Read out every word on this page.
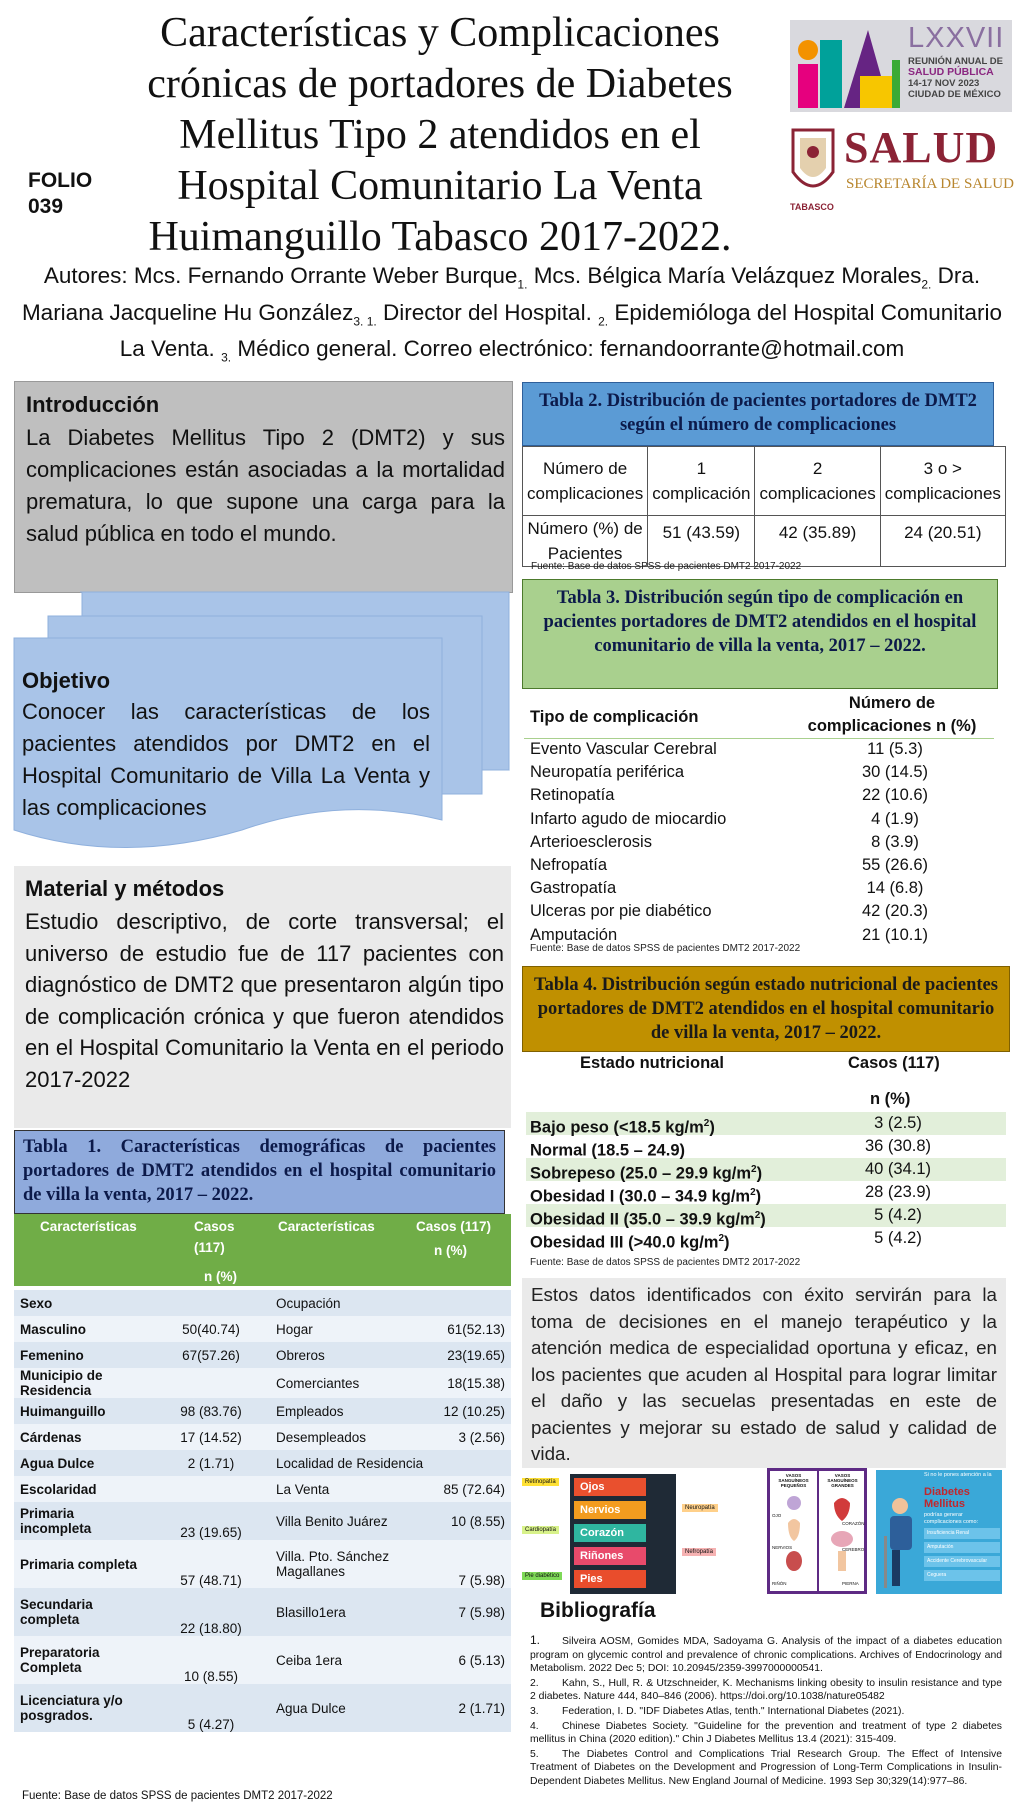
Características y Complicaciones crónicas de portadores de Diabetes Mellitus Tipo 2 atendidos en el Hospital Comunitario La Venta Huimanguillo Tabasco 2017-2022.
FOLIO 039
LXXVII
REUNIÓN ANUAL DE
SALUD PÚBLICA
14-17 NOV 2023
CIUDAD DE MÉXICO
TABASCO
SALUD
SECRETARÍA DE SALUD
Autores: Mcs. Fernando Orrante Weber Burque$_{1.}$ Mcs. Bélgica María Velázquez Morales$_{2.}$ Dra. Mariana Jacqueline Hu González$_{3. 1.}$ Director del Hospital. $_{2.}$ Epidemióloga del Hospital Comunitario La Venta. $_{3.}$ Médico general. Correo electrónico: fernandoorrante@hotmail.com
Introducción
La Diabetes Mellitus Tipo 2 (DMT2) y sus complicaciones están asociadas a la mortalidad prematura, lo que supone una carga para la salud pública en todo el mundo.
Objetivo
Conocer las características de los pacientes atendidos por DMT2 en el Hospital Comunitario de Villa La Venta y las complicaciones
Material y métodos
Estudio descriptivo, de corte transversal; el universo de estudio fue de 117 pacientes con diagnóstico de DMT2 que presentaron algún tipo de complicación crónica y que fueron atendidos en el Hospital Comunitario la Venta en el periodo 2017-2022
Tabla 1. Características demográficas de pacientes portadores de DMT2 atendidos en el hospital comunitario de villa la venta, 2017 – 2022.
Características	Casos (117)
n (%)
Características	Casos (117)
n (%)
Sexo		Ocupación	
Masculino	50(40.74)	Hogar	61(52.13)
Femenino	67(57.26)	Obreros	23(19.65)
Municipio de Residencia		Comerciantes	18(15.38)
Huimanguillo	98 (83.76)	Empleados	12 (10.25)
Cárdenas	17 (14.52)	Desempleados	3 (2.56)
Agua Dulce	2 (1.71)	Localidad de Residencia	
Escolaridad		La Venta	85 (72.64)
Primaria incompleta	23 (19.65)	Villa Benito Juárez	10 (8.55)
Primaria completa	57 (48.71)	Villa. Pto. Sánchez Magallanes	7 (5.98)
Secundaria completa	22 (18.80)	Blasillo1era	7 (5.98)
Preparatoria Completa	10 (8.55)	Ceiba 1era	6 (5.13)
Licenciatura y/o posgrados.	5 (4.27)	Agua Dulce	2 (1.71)
Fuente: Base de datos SPSS de pacientes DMT2 2017-2022
Tabla 2. Distribución de pacientes portadores de DMT2 según el número de complicaciones
Número de complicaciones	1 complicación	2 complicaciones	3 o > complicaciones
Número (%) de Pacientes	51 (43.59)	42 (35.89)	24 (20.51)
Fuente: Base de datos SPSS de pacientes DMT2 2017-2022
Tabla 3. Distribución según tipo de complicación en pacientes portadores de DMT2 atendidos en el hospital comunitario de villa la venta, 2017 – 2022.
Tipo de complicación
Número de complicaciones n (%)
Evento Vascular Cerebral	11 (5.3)
Neuropatía periférica	30 (14.5)
Retinopatía	22 (10.6)
Infarto agudo de miocardio	4 (1.9)
Arterioesclerosis	8 (3.9)
Nefropatía	55 (26.6)
Gastropatía	14 (6.8)
Ulceras por pie diabético	42 (20.3)
Amputación	21 (10.1)
Fuente: Base de datos SPSS de pacientes DMT2 2017-2022
Tabla 4. Distribución según estado nutricional de pacientes portadores de DMT2 atendidos en el hospital comunitario de villa la venta, 2017 – 2022.
Estado nutricional	Casos (117)
n (%)
Bajo peso (<18.5 $kg/m^2$)	3 (2.5)
Normal (18.5 – 24.9)	36 (30.8)
Sobrepeso (25.0 – 29.9 $kg/m^2$)	40 (34.1)
Obesidad I (30.0 – 34.9 $kg/m^2$)	28 (23.9)
Obesidad II (35.0 – 39.9 $kg/m^2$)	5 (4.2)
Obesidad III (>40.0 $kg/m^2$)	5 (4.2)
Fuente: Base de datos SPSS de pacientes DMT2 2017-2022
Estos datos identificados con éxito servirán para la toma de decisiones en el manejo terapéutico y la atención medica de especialidad oportuna y eficaz, en los pacientes que acuden al Hospital para lograr limitar el daño y las secuelas presentadas en este de pacientes y mejorar su estado de salud y calidad de vida.
Ojos
Nervios
Corazón
Riñones
Pies
Retinopatía
Cardiopatía
Pie diabético
Neuropatía
Nefropatía
VASOS SANGUÍNEOS PEQUEÑOS
VASOS SANGUÍNEOS GRANDES
OJO
NERVIOS
RIÑÓN
CORAZÓN
CEREBRO
PIERNA
Si no le pones atención a la
Diabetes Mellitus
podrías generar complicaciones como:
Insuficiencia Renal
Amputación
Accidente Cerebrovascular
Ceguera
Bibliografía

1. Silveira AOSM, Gomides MDA, Sadoyama G. Analysis of the impact of a diabetes education program on glycemic control and prevalence of chronic complications. Archives of Endocrinology and Metabolism. 2022 Dec 5; DOI: 10.20945/2359-3997000000541.

2. Kahn, S., Hull, R. & Utzschneider, K. Mechanisms linking obesity to insulin resistance and type 2 diabetes. Nature 444, 840–846 (2006). https://doi.org/10.1038/nature05482

3. Federation, I. D. "IDF Diabetes Atlas, tenth." International Diabetes (2021).

4. Chinese Diabetes Society. "Guideline for the prevention and treatment of type 2 diabetes mellitus in China (2020 edition)." Chin J Diabetes Mellitus 13.4 (2021): 315-409.

5. The Diabetes Control and Complications Trial Research Group. The Effect of Intensive Treatment of Diabetes on the Development and Progression of Long-Term Complications in Insulin-Dependent Diabetes Mellitus. New England Journal of Medicine. 1993 Sep 30;329(14):977–86.
